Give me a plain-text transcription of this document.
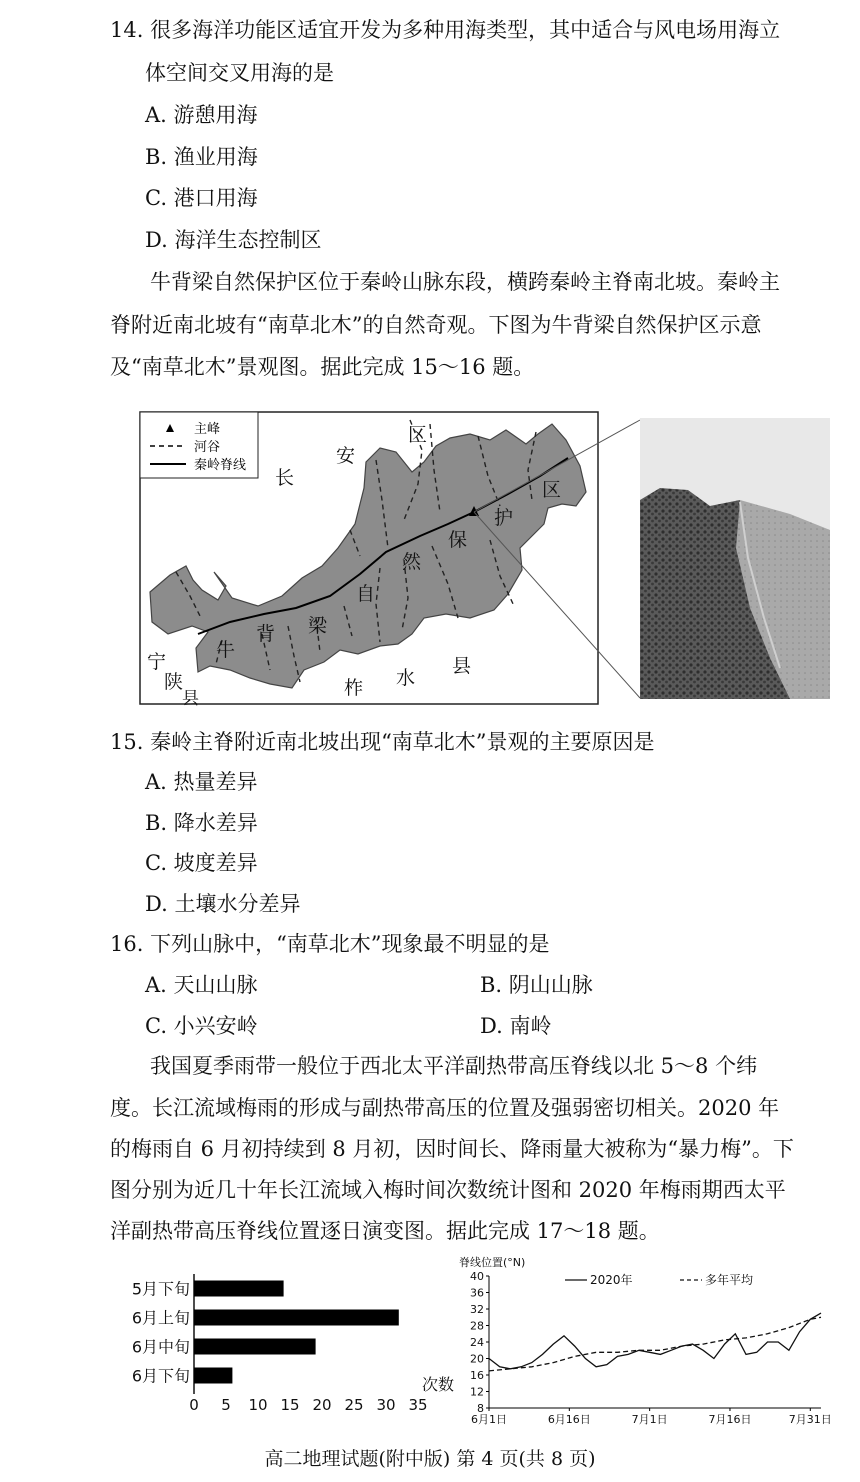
14. 很多海洋功能区适宜开发为多种用海类型，其中适合与风电场用海立
体空间交叉用海的是
A. 游憩用海
B. 渔业用海
C. 港口用海
D. 海洋生态控制区
牛背梁自然保护区位于秦岭山脉东段，横跨秦岭主脊南北坡。秦岭主
脊附近南北坡有“南草北木”的自然奇观。下图为牛背梁自然保护区示意
及“南草北木”景观图。据此完成 15～16 题。
主峰
河谷
秦岭脊线
长
安
区
区
护
保
然
自
梁
背
牛
宁
陕
县	柞 水
县
15. 秦岭主脊附近南北坡出现“南草北木”景观的主要原因是
A. 热量差异
B. 降水差异
C. 坡度差异
D. 土壤水分差异
16. 下列山脉中，“南草北木”现象最不明显的是
A. 天山山脉	B. 阴山山脉
C. 小兴安岭	D. 南岭
我国夏季雨带一般位于西北太平洋副热带高压脊线以北 5～8 个纬
度。长江流域梅雨的形成与副热带高压的位置及强弱密切相关。2020 年
的梅雨自 6 月初持续到 8 月初，因时间长、降雨量大被称为“暴力梅”。下
图分别为近几十年长江流域入梅时间次数统计图和 2020 年梅雨期西太平
洋副热带高压脊线位置逐日演变图。据此完成 17～18 题。
5月下旬
6月上旬
6月中旬
6月下旬
0 5 10 15 20 25 30 35
次数
脊线位置(°N)
8
12
16
20
24
28
32
36
40
6月1日	6月16日	7月1日	7月16日	7月31日
2020年	多年平均
高二地理试题(附中版) 第 4 页(共 8 页)
